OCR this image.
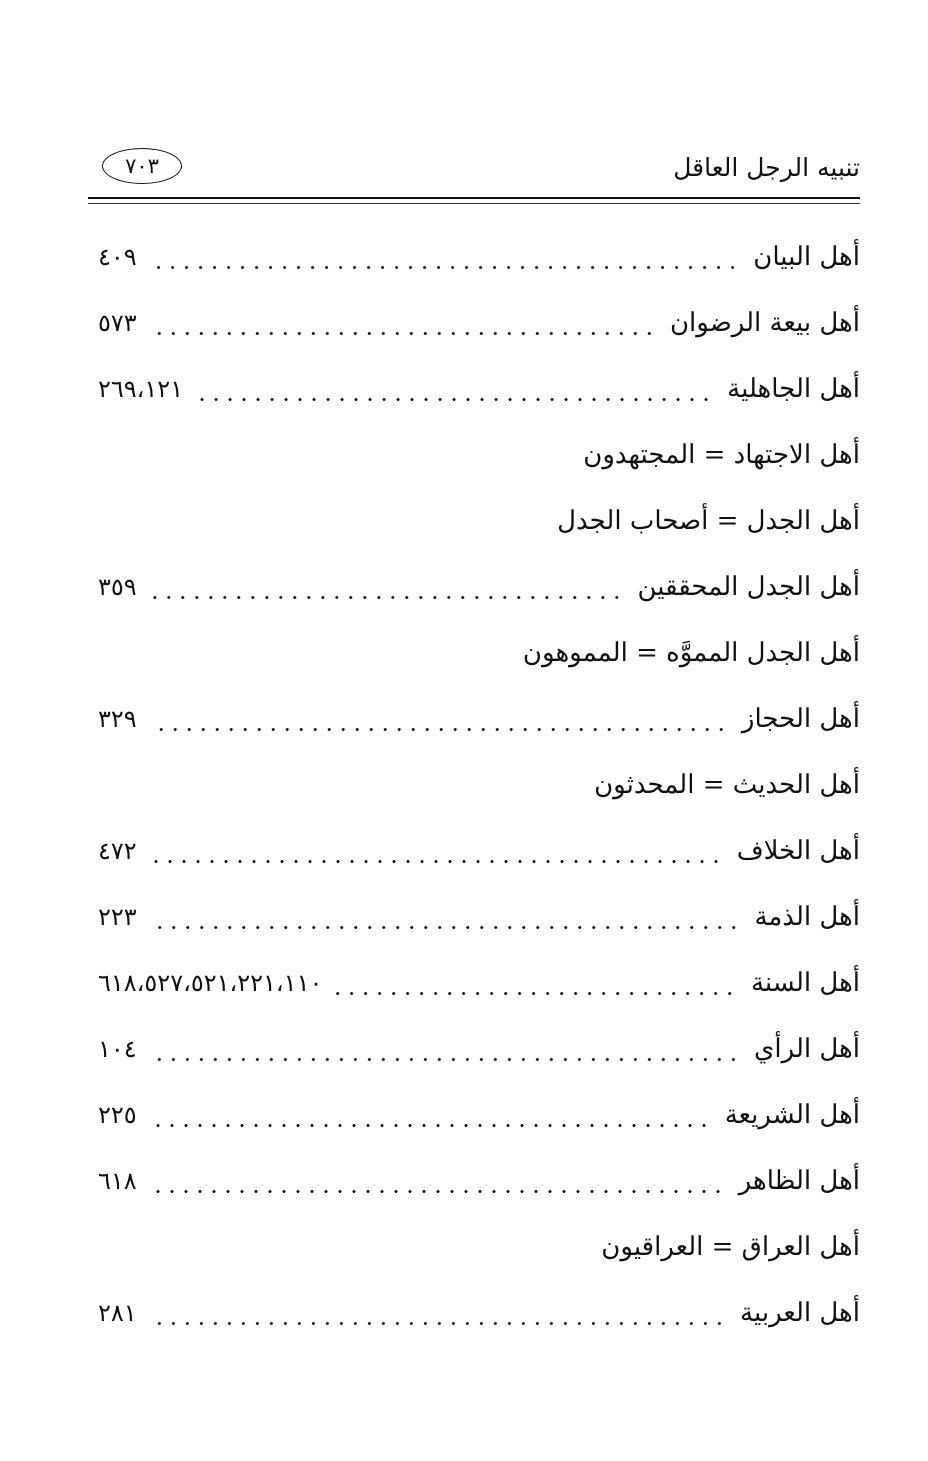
تنبيه الرجل العاقل
٧٠٣
أهل البيان
٤٠٩
أهل بيعة الرضوان
٥٧٣
أهل الجاهلية
٢٦٩،١٢١
أهل الاجتهاد = المجتهدون
أهل الجدل = أصحاب الجدل
أهل الجدل المحققين
٣٥٩
أهل الجدل المموَّه = المموهون
أهل الحجاز
٣٢٩
أهل الحديث = المحدثون
أهل الخلاف
٤٧٢
أهل الذمة
٢٢٣
أهل السنة
٦١٨،٥٢٧،٥٢١،٢٢١،١١٠
أهل الرأي
١٠٤
أهل الشريعة
٢٢٥
أهل الظاهر
٦١٨
أهل العراق = العراقيون
أهل العربية
٢٨١
